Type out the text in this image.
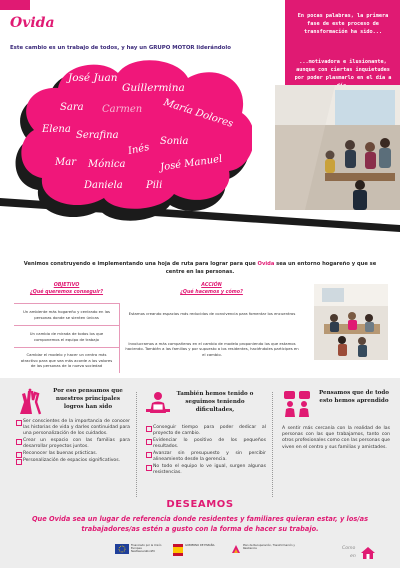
Ovida
Este cambio es un trabajo de todos, y hay un GRUPO MOTOR liderándolo
En pocas palabras, la primera fase de este proceso de transformación ha sido...
...motivadora e ilusionante, aunque con ciertas inquietudes por poder plasmarlo en el día a
José Juan
Guillermina
Sara Carmen María Dolores
Elena
Serafina
Inés
Sonia
Mar Mónica	José Manuel
Daniela Pili
Venimos construyendo e implementando una hoja de ruta para lograr para que Ovida sea un entorno hogareño y que se centre en las personas.
OBJETIVO
¿Qué queremos conseguir?
ACCIÓN
¿Qué hacemos y cómo?
Un ambiente más hogareño y centrado en las personas donde se sienten únicas
Estamos creando espacios más reducidos de convivencia para fomentar los encuentros
Un cambio de mirada de todos los que componemos el equipo de trabajo
Involucramos a más compañeros en el cambio de modelo proponiendo los que estamos haciendo. También a las familias y por supuesto a los residentes, haciéndoles partícipes en el cambio.
Cambiar el modelo y hacer un centro más atractivo para que sea más acorde a los valores de las personas de la nueva sociedad
Por eso pensamos que nuestros principales logros han sido
Ser conscientes de la importancia de conocer las historias de vida y darles continuidad para una personalización de los cuidados.
Crear un espacio con las familias para desarrollar proyectos juntos.
Reconocer las buenas prácticas.
Personalización de espacios significativos.
También hemos tenido o seguimos teniendo dificultades,
Conseguir tiempo para poder dedicar al proyecto de cambio.
Evidenciar lo positivo de los pequeños resultados.
Avanzar sin presupuesto y sin percibir alineamiento desde la gerencia.
No todo el equipo lo ve igual, surgen algunas resistencias.
Pensamos que de todo esto hemos aprendido
A sentir más cercanía con la realidad de las personas con las que trabajamos, tanto con otros profesionales como con las personas que viven en el centro y sus familias y amistades.
DESEAMOS
Que Ovida sea un lugar de referencia donde residentes y familiares quieran estar, y los/as trabajadores/as estén a gusto con la forma de hacer su trabajo.
Financiado por la Unión Europea NextGenerationEU
GOBIERNO DE ESPAÑA	Plan de Recuperación, Transformación y Resiliencia	Como
en
